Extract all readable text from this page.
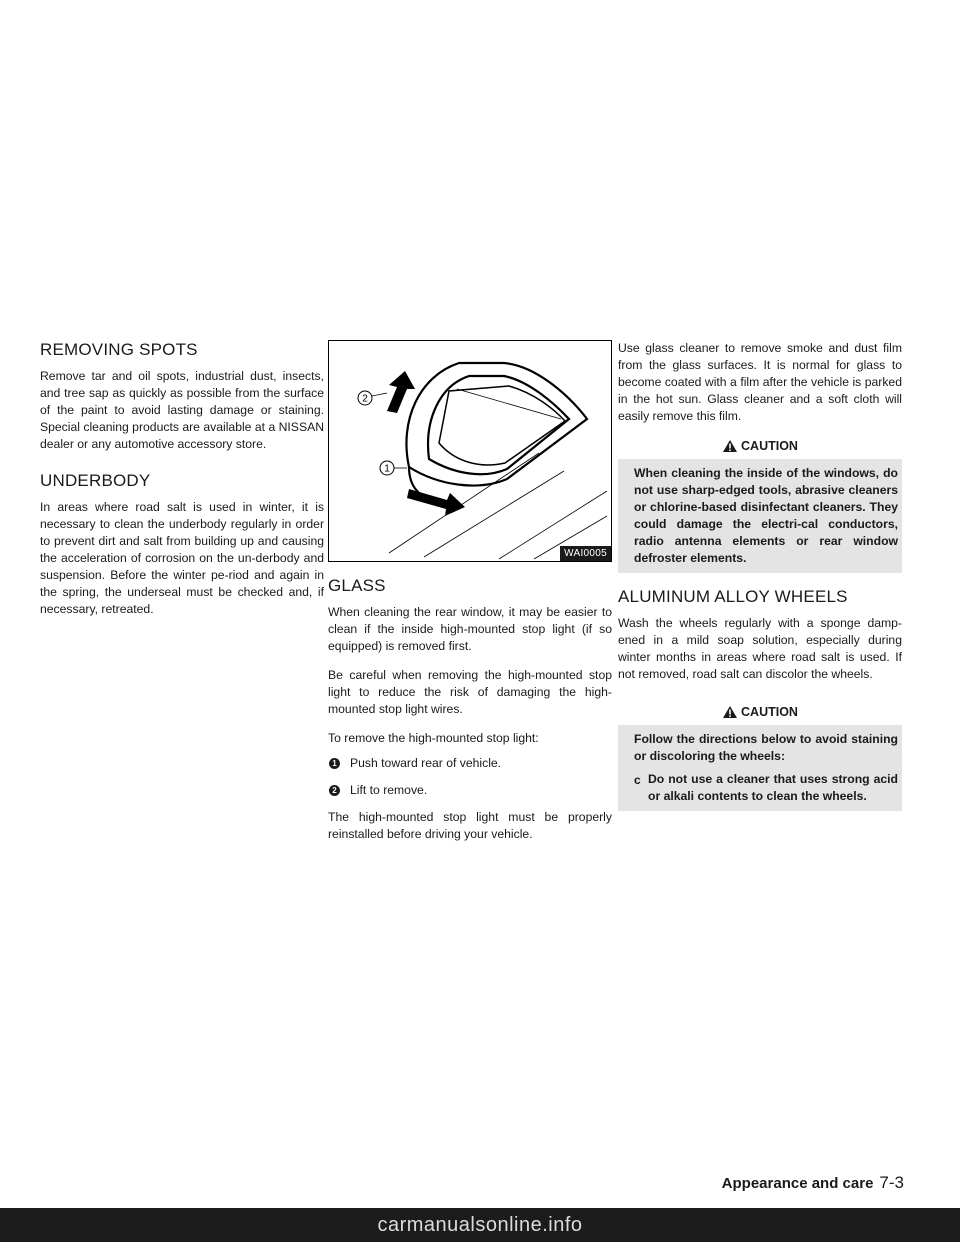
REMOVING SPOTS

Remove tar and oil spots, industrial dust, insects, and tree sap as quickly as possible from the surface of the paint to avoid lasting damage or staining. Special cleaning products are available at a NISSAN dealer or any automotive accessory store.

UNDERBODY

In areas where road salt is used in winter, it is necessary to clean the underbody regularly in order to prevent dirt and salt from building up and causing the acceleration of corrosion on the un-derbody and suspension. Before the winter pe-riod and again in the spring, the underseal must be checked and, if necessary, retreated.

2
1
WAI0005
GLASS

When cleaning the rear window, it may be easier to clean if the inside high-mounted stop light (if so equipped) is removed first.

Be careful when removing the high-mounted stop light to reduce the risk of damaging the high-mounted stop light wires.

To remove the high-mounted stop light:

1 Push toward rear of vehicle.
2 Lift to remove.

The high-mounted stop light must be properly reinstalled before driving your vehicle.

Use glass cleaner to remove smoke and dust film from the glass surfaces. It is normal for glass to become coated with a film after the vehicle is parked in the hot sun. Glass cleaner and a soft cloth will easily remove this film.

CAUTION
When cleaning the inside of the windows, do not use sharp-edged tools, abrasive cleaners or chlorine-based disinfectant cleaners. They could damage the electri-cal conductors, radio antenna elements or rear window defroster elements.
ALUMINUM ALLOY WHEELS

Wash the wheels regularly with a sponge damp-ened in a mild soap solution, especially during winter months in areas where road salt is used. If not removed, road salt can discolor the wheels.

CAUTION

Follow the directions below to avoid staining or discoloring the wheels:

c Do not use a cleaner that uses strong acid or alkali contents to clean the wheels.
Appearance and care 7-3
carmanualsonline.info
